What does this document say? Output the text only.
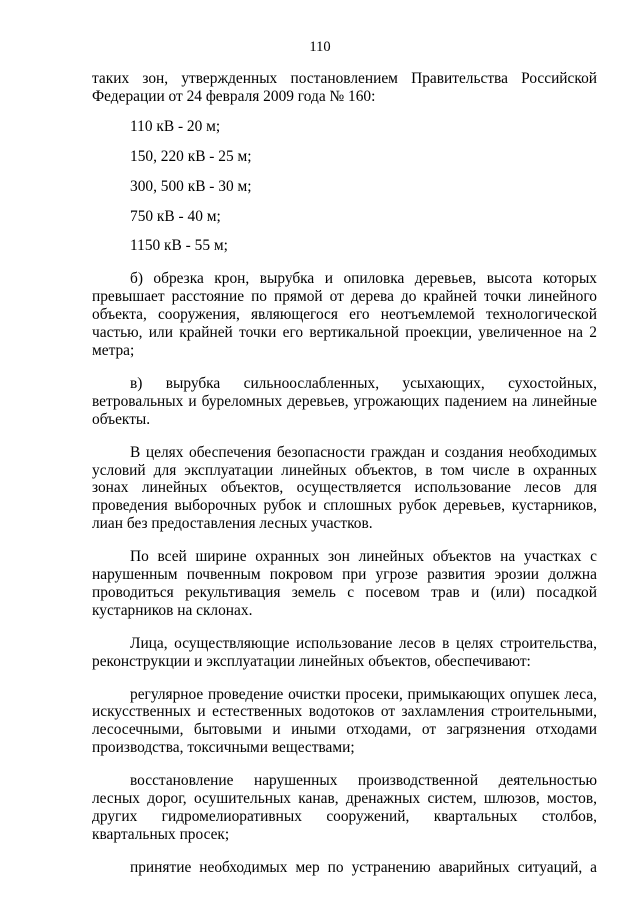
110

таких зон, утвержденных постановлением Правительства Российской Федерации от 24 февраля 2009 года № 160:

110 кВ - 20 м;

150, 220 кВ - 25 м;

300, 500 кВ - 30 м;

750 кВ - 40 м;

1150 кВ - 55 м;

б) обрезка крон, вырубка и опиловка деревьев, высота которых превышает расстояние по прямой от дерева до крайней точки линейного объекта, сооружения, являющегося его неотъемлемой технологической частью, или крайней точки его вертикальной проекции, увеличенное на 2 метра;

в) вырубка сильноослабленных, усыхающих, сухостойных, ветровальных и буреломных деревьев, угрожающих падением на линейные объекты.

В целях обеспечения безопасности граждан и создания необходимых условий для эксплуатации линейных объектов, в том числе в охранных зонах линейных объектов, осуществляется использование лесов для проведения выборочных рубок и сплошных рубок деревьев, кустарников, лиан без предоставления лесных участков.

По всей ширине охранных зон линейных объектов на участках с нарушенным почвенным покровом при угрозе развития эрозии должна проводиться рекультивация земель с посевом трав и (или) посадкой кустарников на склонах.

Лица, осуществляющие использование лесов в целях строительства, реконструкции и эксплуатации линейных объектов, обеспечивают:

регулярное проведение очистки просеки, примыкающих опушек леса, искусственных и естественных водотоков от захламления строительными, лесосечными, бытовыми и иными отходами, от загрязнения отходами производства, токсичными веществами;

восстановление нарушенных производственной деятельностью лесных дорог, осушительных канав, дренажных систем, шлюзов, мостов, других гидромелиоративных сооружений, квартальных столбов, квартальных просек;

принятие необходимых мер по устранению аварийных ситуаций, а
